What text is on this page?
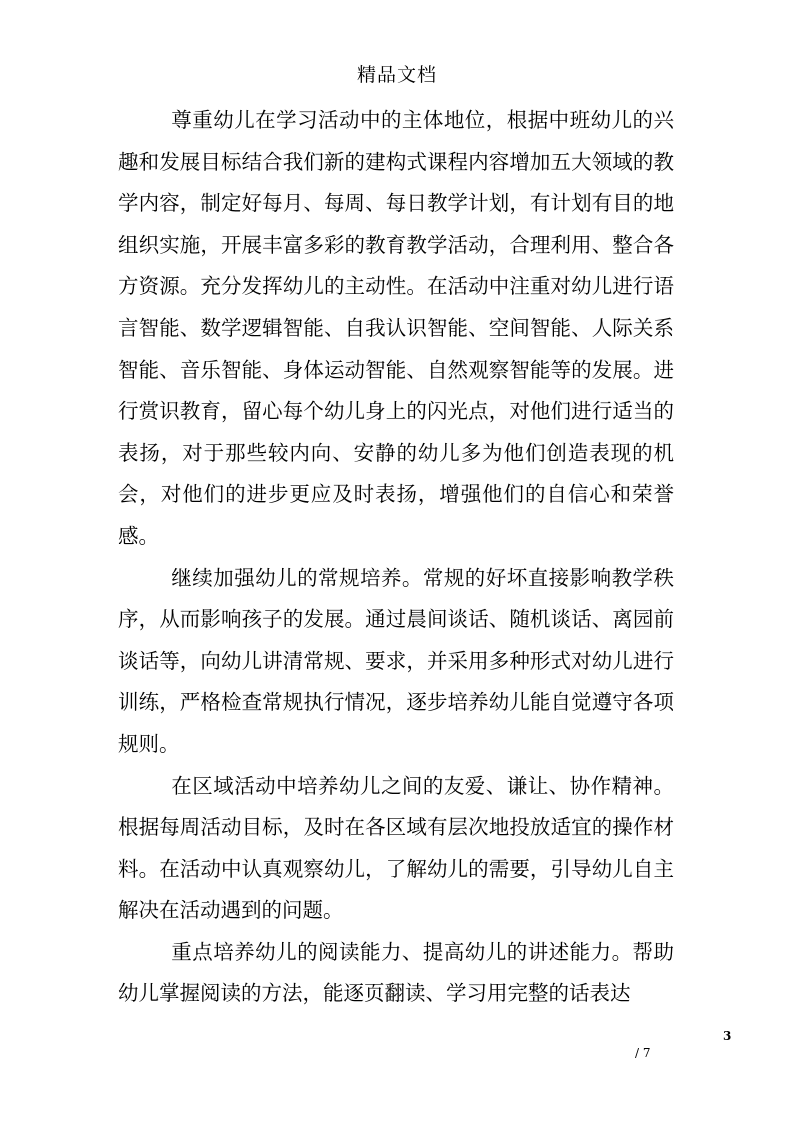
精品文档

尊重幼儿在学习活动中的主体地位，根据中班幼儿的兴趣和发展目标结合我们新的建构式课程内容增加五大领域的教学内容，制定好每月、每周、每日教学计划，有计划有目的地组织实施，开展丰富多彩的教育教学活动，合理利用、整合各方资源。充分发挥幼儿的主动性。在活动中注重对幼儿进行语言智能、数学逻辑智能、自我认识智能、空间智能、人际关系智能、音乐智能、身体运动智能、自然观察智能等的发展。进行赏识教育，留心每个幼儿身上的闪光点，对他们进行适当的表扬，对于那些较内向、安静的幼儿多为他们创造表现的机会，对他们的进步更应及时表扬，增强他们的自信心和荣誉感。

继续加强幼儿的常规培养。常规的好坏直接影响教学秩序，从而影响孩子的发展。通过晨间谈话、随机谈话、离园前谈话等，向幼儿讲清常规、要求，并采用多种形式对幼儿进行训练，严格检查常规执行情况，逐步培养幼儿能自觉遵守各项规则。

在区域活动中培养幼儿之间的友爱、谦让、协作精神。根据每周活动目标，及时在各区域有层次地投放适宜的操作材料。在活动中认真观察幼儿，了解幼儿的需要，引导幼儿自主解决在活动遇到的问题。

重点培养幼儿的阅读能力、提高幼儿的讲述能力。帮助幼儿掌握阅读的方法，能逐页翻读、学习用完整的话表达

3
/ 7
